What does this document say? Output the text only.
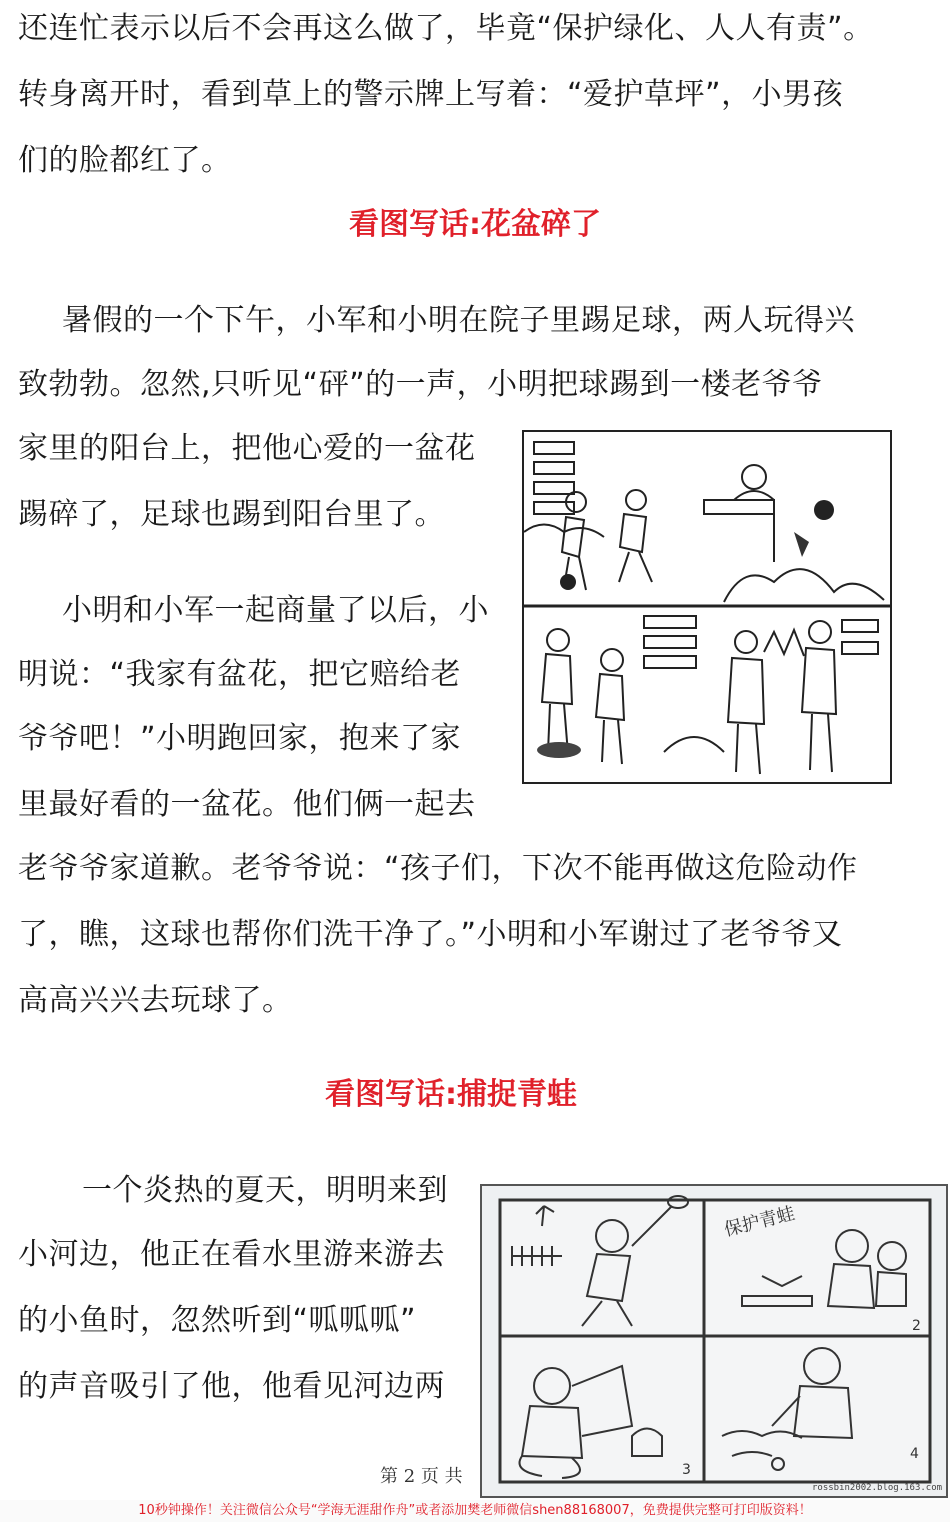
还连忙表示以后不会再这么做了，毕竟“保护绿化、人人有责”。
转身离开时，看到草上的警示牌上写着：“爱护草坪”，小男孩
们的脸都红了。
看图写话:花盆碎了
暑假的一个下午，小军和小明在院子里踢足球，两人玩得兴
致勃勃。忽然,只听见“砰”的一声，小明把球踢到一楼老爷爷
家里的阳台上，把他心爱的一盆花
踢碎了，足球也踢到阳台里了。
小明和小军一起商量了以后，小
明说：“我家有盆花，把它赔给老
爷爷吧！”小明跑回家，抱来了家
里最好看的一盆花。他们俩一起去
老爷爷家道歉。老爷爷说：“孩子们，下次不能再做这危险动作
了，瞧，这球也帮你们洗干净了。”小明和小军谢过了老爷爷又
高高兴兴去玩球了。
看图写话:捕捉青蛙
一个炎热的夏天，明明来到
小河边，他正在看水里游来游去
的小鱼时，忽然听到“呱呱呱”
的声音吸引了他，他看见河边两
保护青蛙
2
3
4
rossbin2002.blog.163.com
第 2 页 共
10秒钟操作！关注微信公众号“学海无涯甜作舟”或者添加樊老师微信shen88168007，免费提供完整可打印版资料！
